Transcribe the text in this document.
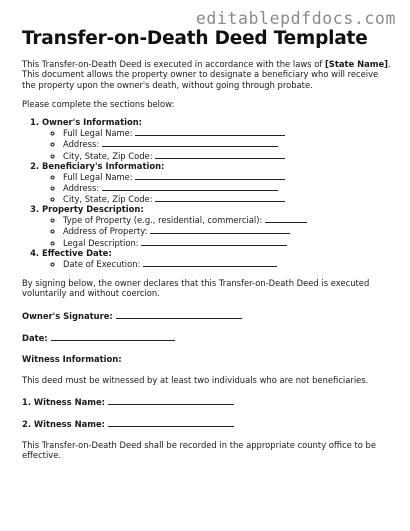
editablepdfdocs.com
Transfer-on-Death Deed Template

This Transfer-on-Death Deed is executed in accordance with the laws of [State Name]. This document allows the property owner to designate a beneficiary who will receive the property upon the owner's death, without going through probate.

Please complete the sections below:

1. Owner's Information:
◦ Full Legal Name:
◦ Address:
◦ City, State, Zip Code:
2. Beneficiary's Information:
◦ Full Legal Name:
◦ Address:
◦ City, State, Zip Code:
3. Property Description:
◦ Type of Property (e.g., residential, commercial):
◦ Address of Property:
◦ Legal Description:
4. Effective Date:
◦ Date of Execution:

By signing below, the owner declares that this Transfer-on-Death Deed is executed voluntarily and without coercion.

Owner's Signature:
Date:

Witness Information:

This deed must be witnessed by at least two individuals who are not beneficiaries.

1. Witness Name:
2. Witness Name:

This Transfer-on-Death Deed shall be recorded in the appropriate county office to be effective.
